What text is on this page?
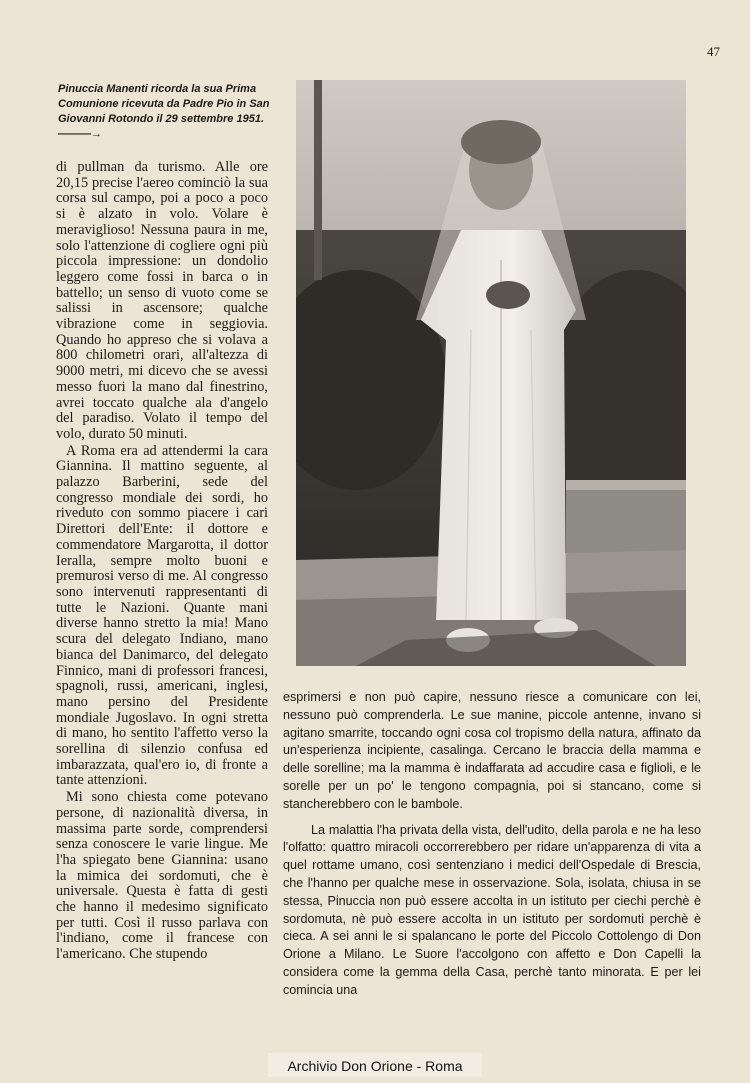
47
Pinuccia Manenti ricorda la sua Prima Comunione ricevuta da Padre Pio in San Giovanni Rotondo il 29 settembre 1951. ———→

di pullman da turismo. Alle ore 20,15 precise l'aereo cominciò la sua corsa sul campo, poi a poco a poco si è alzato in volo. Volare è meraviglioso! Nessuna paura in me, solo l'attenzione di cogliere ogni più piccola impressione: un dondolio leggero come fossi in barca o in battello; un senso di vuoto come se salissi in ascensore; qualche vibrazione come in seggiovia. Quando ho appreso che si volava a 800 chilometri orari, all'altezza di 9000 metri, mi dicevo che se avessi messo fuori la mano dal finestrino, avrei toccato qualche ala d'angelo del paradiso. Volato il tempo del volo, durato 50 minuti.

A Roma era ad attendermi la cara Giannina. Il mattino seguente, al palazzo Barberini, sede del congresso mondiale dei sordi, ho riveduto con sommo piacere i cari Direttori dell'Ente: il dottore e commendatore Margarotta, il dottor Ieralla, sempre molto buoni e premurosi verso di me. Al congresso sono intervenuti rappresentanti di tutte le Nazioni. Quante mani diverse hanno stretto la mia! Mano scura del delegato Indiano, mano bianca del Danimarco, del delegato Finnico, mani di professori francesi, spagnoli, russi, americani, inglesi, mano persino del Presidente mondiale Jugoslavo. In ogni stretta di mano, ho sentito l'affetto verso la sorellina di silenzio confusa ed imbarazzata, qual'ero io, di fronte a tante attenzioni.

Mi sono chiesta come potevano persone, di nazionalità diversa, in massima parte sorde, comprendersi senza conoscere le varie lingue. Me l'ha spiegato bene Giannina: usano la mimica dei sordomuti, che è universale. Questa è fatta di gesti che hanno il medesimo significato per tutti. Così il russo parlava con l'indiano, come il francese con l'americano. Che stupendo

esprimersi e non può capire, nessuno riesce a comunicare con lei, nessuno può comprenderla. Le sue manine, piccole antenne, invano si agitano smarrite, toccando ogni cosa col tropismo della natura, affinato da un'esperienza incipiente, casalinga. Cercano le braccia della mamma e delle sorelline; ma la mamma è indaffarata ad accudire casa e figlioli, e le sorelle per un po' le tengono compagnia, poi si stancano, come si stancherebbero con le bambole.

La malattia l'ha privata della vista, dell'udito, della parola e ne ha leso l'olfatto: quattro miracoli occorrerebbero per ridare un'apparenza di vita a quel rottame umano, così sentenziano i medici dell'Ospedale di Brescia, che l'hanno per qualche mese in osservazione. Sola, isolata, chiusa in se stessa, Pinuccia non può essere accolta in un istituto per ciechi perchè è sordomuta, nè può essere accolta in un istituto per sordomuti perchè è cieca. A sei anni le si spalancano le porte del Piccolo Cottolengo di Don Orione a Milano. Le Suore l'accolgono con affetto e Don Capelli la considera come la gemma della Casa, perchè tanto minorata. E per lei comincia una

Archivio Don Orione - Roma
